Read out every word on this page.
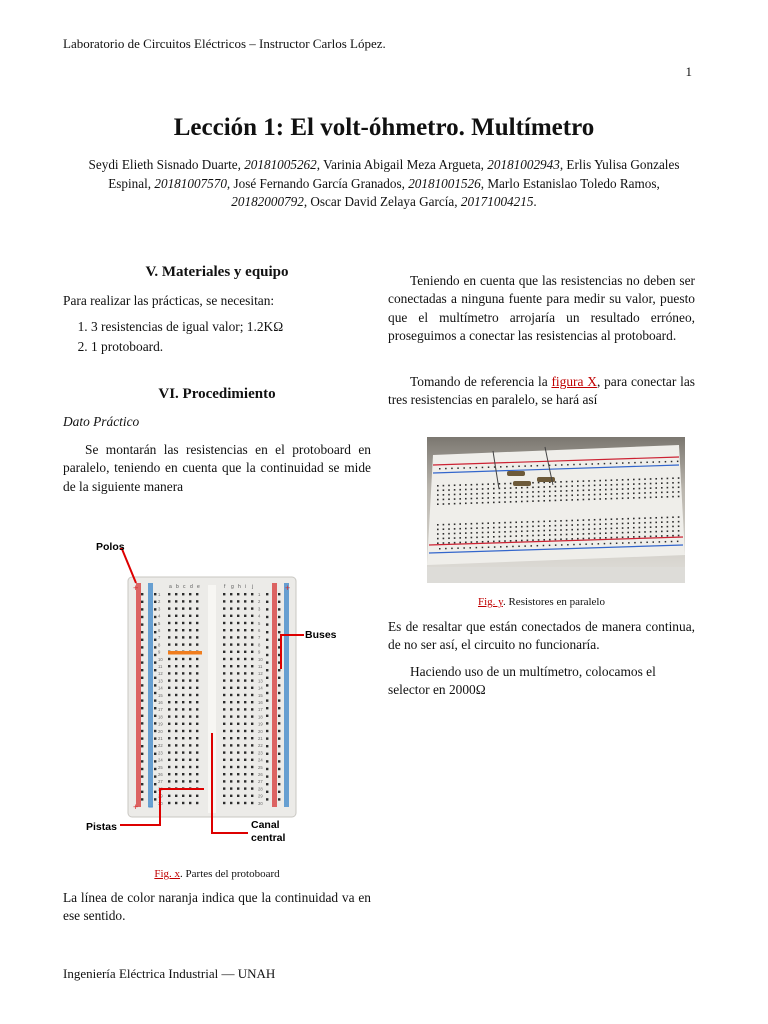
Laboratorio de Circuitos Eléctricos – Instructor Carlos López.
1
Lección 1: El volt-óhmetro. Multímetro
Seydi Elieth Sisnado Duarte, 20181005262, Varinia Abigail Meza Argueta, 20181002943, Erlis Yulisa Gonzales Espinal, 20181007570, José Fernando García Granados, 20181001526, Marlo Estanislao Toledo Ramos, 20182000792, Oscar David Zelaya García, 20171004215.
V. Materiales y equipo
Para realizar las prácticas, se necesitan:
1. 3 resistencias de igual valor; 1.2KΩ
2. 1 protoboard.
VI. Procedimiento
Dato Práctico
Se montarán las resistencias en el protoboard en paralelo, teniendo en cuenta que la continuidad se mide de la siguiente manera
a b c d e	f g h i j
1	1
2	2
3	3
4	4
5	5
6	6
7	7
8	8
9	9
10	10
11	11
12	12
13	13
14	14
15	15
16	16
17	17
18	18
19	19
20	20
21	21
22	22
23	23
24	24
25	25
26	26
27	27
28	28
29	29
30	30
+	+
+ −
Polos
Buses
Pistas	Canal
central
Fig. x. Partes del protoboard
La línea de color naranja indica que la continuidad va en ese sentido.
Teniendo en cuenta que las resistencias no deben ser conectadas a ninguna fuente para medir su valor, puesto que el multímetro arrojaría un resultado erróneo, proseguimos a conectar las resistencias al protoboard.
Tomando de referencia la figura X, para conectar las tres resistencias en paralelo, se hará así
Fig. y. Resistores en paralelo
Es de resaltar que están conectados de manera continua, de no ser así, el circuito no funcionaría.
Haciendo uso de un multímetro, colocamos el selector en 2000Ω
Ingeniería Eléctrica Industrial — UNAH
